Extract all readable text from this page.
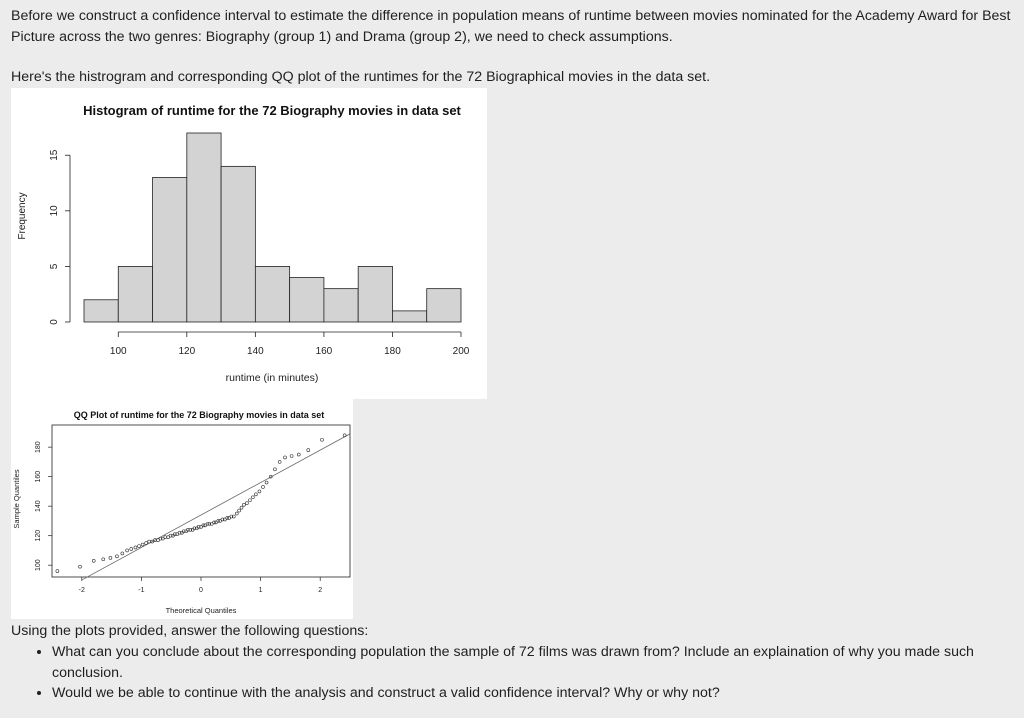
Before we construct a confidence interval to estimate the difference in population means of runtime between movies nominated for the Academy Award for Best Picture across the two genres: Biography (group 1) and Drama (group 2), we need to check assumptions.

Here's the histrogram and corresponding QQ plot of the runtimes for the 72 Biographical movies in the data set.

Histogram of runtime for the 72 Biography movies in data set
Frequency
runtime (in minutes)
0
5
10
15
100	120	140	160	180	200
QQ Plot of runtime for the 72 Biography movies in data set
Sample Quantiles
Theoretical Quantiles
-2	-1	0	1	2
100
120
140
160
180

Using the plots provided, answer the following questions:

• What can you conclude about the corresponding population the sample of 72 films was drawn from? Include an explaination of why you made such conclusion.
• Would we be able to continue with the analysis and construct a valid confidence interval? Why or why not?
